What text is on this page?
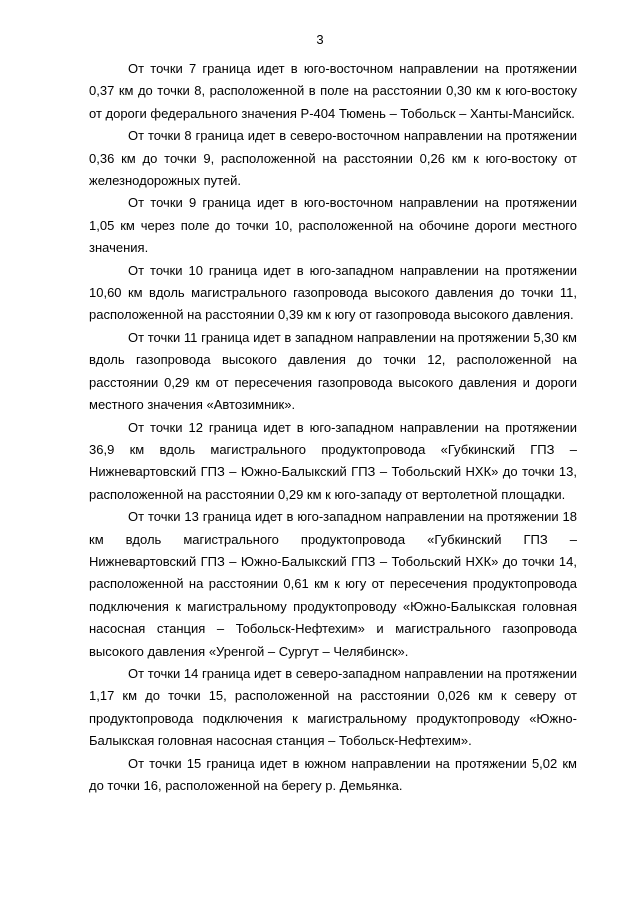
3

От точки 7 граница идет в юго-восточном направлении на протяжении 0,37 км до точки 8, расположенной в поле на расстоянии 0,30 км к юго-востоку от дороги федерального значения Р-404 Тюмень – Тобольск – Ханты-Мансийск.

От точки 8 граница идет в северо-восточном направлении на протяжении 0,36 км до точки 9, расположенной на расстоянии 0,26 км к юго-востоку от железнодорожных путей.

От точки 9 граница идет в юго-восточном направлении на протяжении 1,05 км через поле до точки 10, расположенной на обочине дороги местного значения.

От точки 10 граница идет в юго-западном направлении на протяжении 10,60 км вдоль магистрального газопровода высокого давления до точки 11, расположенной на расстоянии 0,39 км к югу от газопровода высокого давления.

От точки 11 граница идет в западном направлении на протяжении 5,30 км вдоль газопровода высокого давления до точки 12, расположенной на расстоянии 0,29 км от пересечения газопровода высокого давления и дороги местного значения «Автозимник».

От точки 12 граница идет в юго-западном направлении на протяжении 36,9 км вдоль магистрального продуктопровода «Губкинский ГПЗ – Нижневартовский ГПЗ – Южно-Балыкский ГПЗ – Тобольский НХК» до точки 13, расположенной на расстоянии 0,29 км к юго-западу от вертолетной площадки.

От точки 13 граница идет в юго-западном направлении на протяжении 18 км вдоль магистрального продуктопровода «Губкинский ГПЗ – Нижневартовский ГПЗ – Южно-Балыкский ГПЗ – Тобольский НХК» до точки 14, расположенной на расстоянии 0,61 км к югу от пересечения продуктопровода подключения к магистральному продуктопроводу «Южно-Балыкская головная насосная станция – Тобольск-Нефтехим» и магистрального газопровода высокого давления «Уренгой – Сургут – Челябинск».

От точки 14 граница идет в северо-западном направлении на протяжении 1,17 км до точки 15, расположенной на расстоянии 0,026 км к северу от продуктопровода подключения к магистральному продуктопроводу «Южно-Балыкская головная насосная станция – Тобольск-Нефтехим».

От точки 15 граница идет в южном направлении на протяжении 5,02 км до точки 16, расположенной на берегу р. Демьянка.
